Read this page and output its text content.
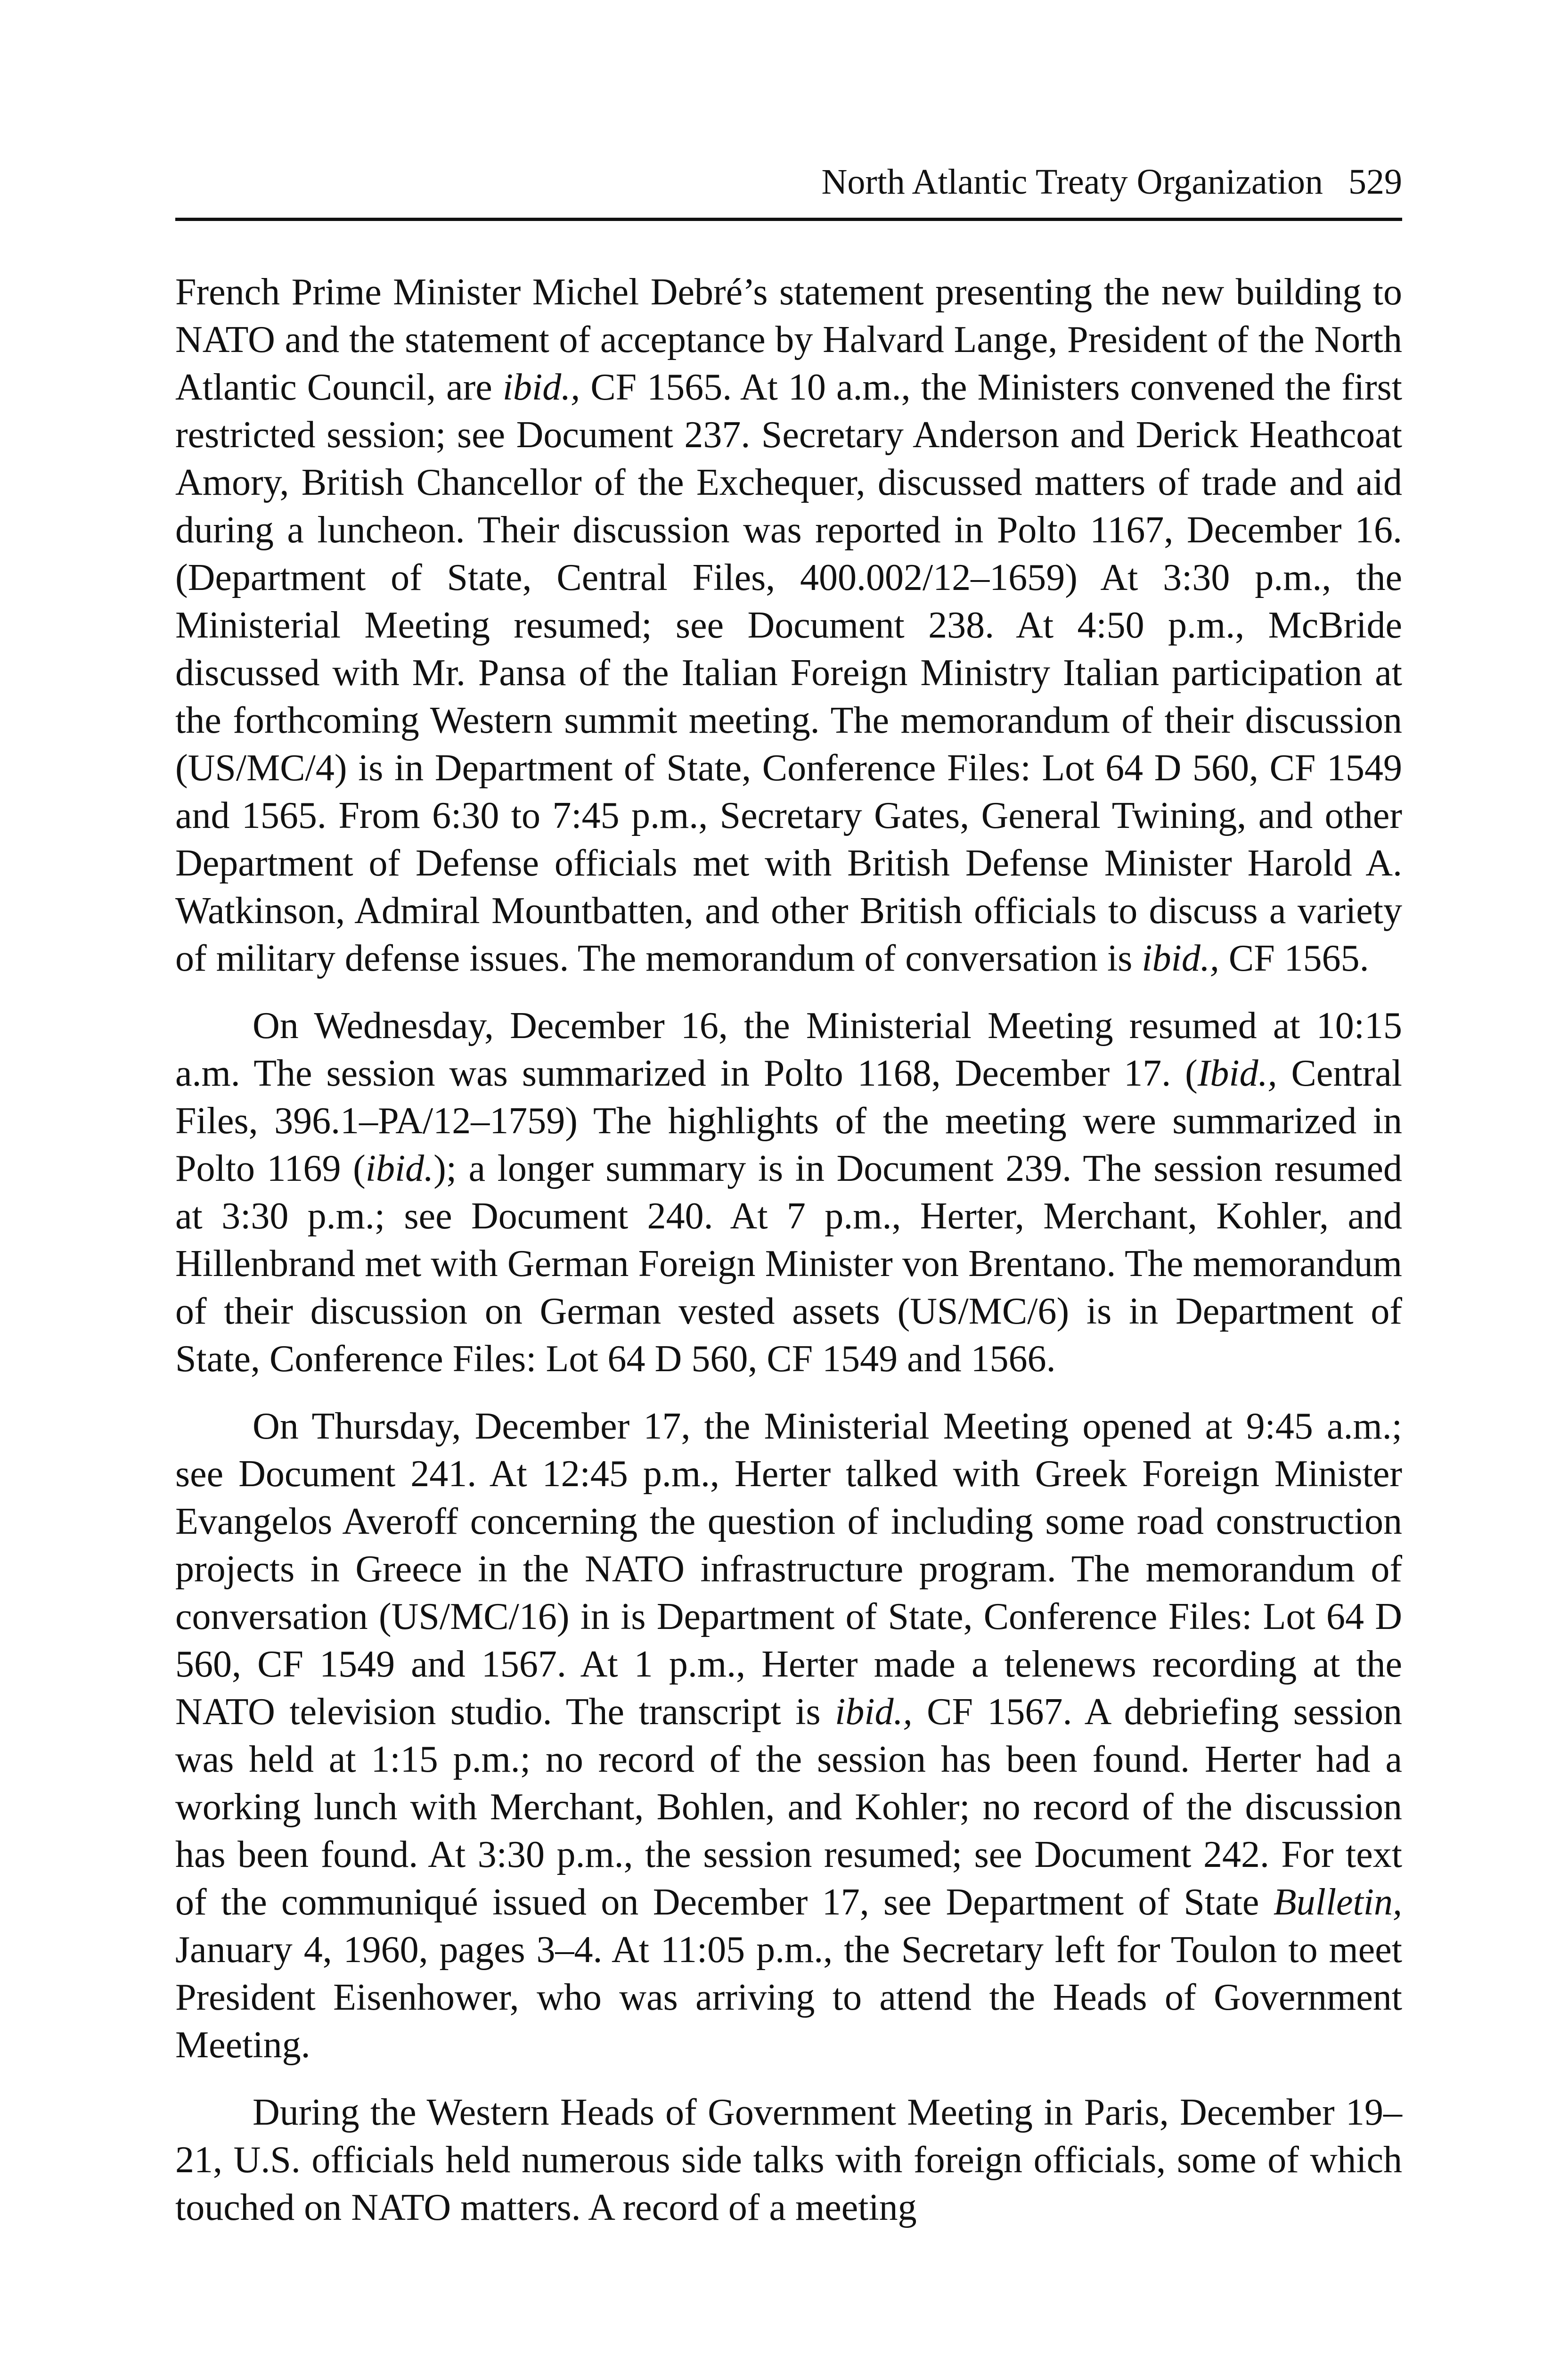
North Atlantic Treaty Organization 529

French Prime Minister Michel Debré’s statement presenting the new building to NATO and the statement of acceptance by Halvard Lange, President of the North Atlantic Council, are ibid., CF 1565. At 10 a.m., the Ministers convened the first restricted session; see Document 237. Secretary Anderson and Derick Heathcoat Amory, British Chancellor of the Exchequer, discussed matters of trade and aid during a luncheon. Their discussion was reported in Polto 1167, December 16. (Department of State, Central Files, 400.002/12–1659) At 3:30 p.m., the Ministerial Meeting resumed; see Document 238. At 4:50 p.m., McBride discussed with Mr. Pansa of the Italian Foreign Ministry Italian participation at the forthcoming Western summit meeting. The memorandum of their discussion (US/MC/4) is in Department of State, Conference Files: Lot 64 D 560, CF 1549 and 1565. From 6:30 to 7:45 p.m., Secretary Gates, General Twining, and other Department of Defense officials met with British Defense Minister Harold A. Watkinson, Admiral Mountbatten, and other British officials to discuss a variety of military defense issues. The memorandum of conversation is ibid., CF 1565.

On Wednesday, December 16, the Ministerial Meeting resumed at 10:15 a.m. The session was summarized in Polto 1168, December 17. (Ibid., Central Files, 396.1–PA/12–1759) The highlights of the meeting were summarized in Polto 1169 (ibid.); a longer summary is in Document 239. The session resumed at 3:30 p.m.; see Document 240. At 7 p.m., Herter, Merchant, Kohler, and Hillenbrand met with German Foreign Minister von Brentano. The memorandum of their discussion on German vested assets (US/MC/6) is in Department of State, Conference Files: Lot 64 D 560, CF 1549 and 1566.

On Thursday, December 17, the Ministerial Meeting opened at 9:45 a.m.; see Document 241. At 12:45 p.m., Herter talked with Greek Foreign Minister Evangelos Averoff concerning the question of including some road construction projects in Greece in the NATO infrastructure program. The memorandum of conversation (US/MC/16) in is Department of State, Conference Files: Lot 64 D 560, CF 1549 and 1567. At 1 p.m., Herter made a telenews recording at the NATO television studio. The transcript is ibid., CF 1567. A debriefing session was held at 1:15 p.m.; no record of the session has been found. Herter had a working lunch with Merchant, Bohlen, and Kohler; no record of the discussion has been found. At 3:30 p.m., the session resumed; see Document 242. For text of the communiqué issued on December 17, see Department of State Bulletin, January 4, 1960, pages 3–4. At 11:05 p.m., the Secretary left for Toulon to meet President Eisenhower, who was arriving to attend the Heads of Government Meeting.

During the Western Heads of Government Meeting in Paris, December 19–21, U.S. officials held numerous side talks with foreign officials, some of which touched on NATO matters. A record of a meeting
